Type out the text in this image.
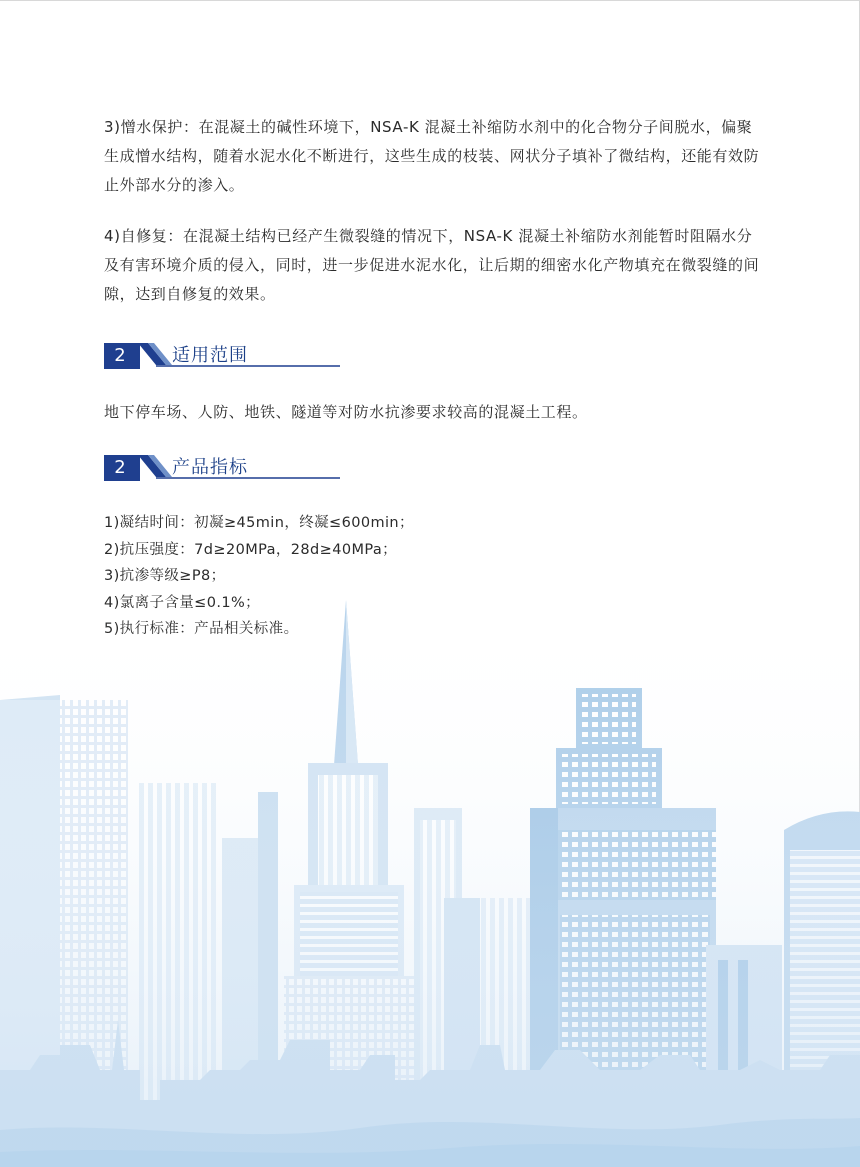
3)憎水保护：在混凝土的碱性环境下，NSA-K 混凝土补缩防水剂中的化合物分子间脱水，偏聚生成憎水结构，随着水泥水化不断进行，这些生成的枝装、网状分子填补了微结构，还能有效防止外部水分的渗入。

4)自修复：在混凝土结构已经产生微裂缝的情况下，NSA-K 混凝土补缩防水剂能暂时阻隔水分及有害环境介质的侵入，同时，进一步促进水泥水化，让后期的细密水化产物填充在微裂缝的间隙，达到自修复的效果。

2	适用范围

地下停车场、人防、地铁、隧道等对防水抗渗要求较高的混凝土工程。

2	产品指标
1)凝结时间：初凝≥45min，终凝≤600min；
2)抗压强度：7d≥20MPa，28d≥40MPa；
3)抗渗等级≥P8；
